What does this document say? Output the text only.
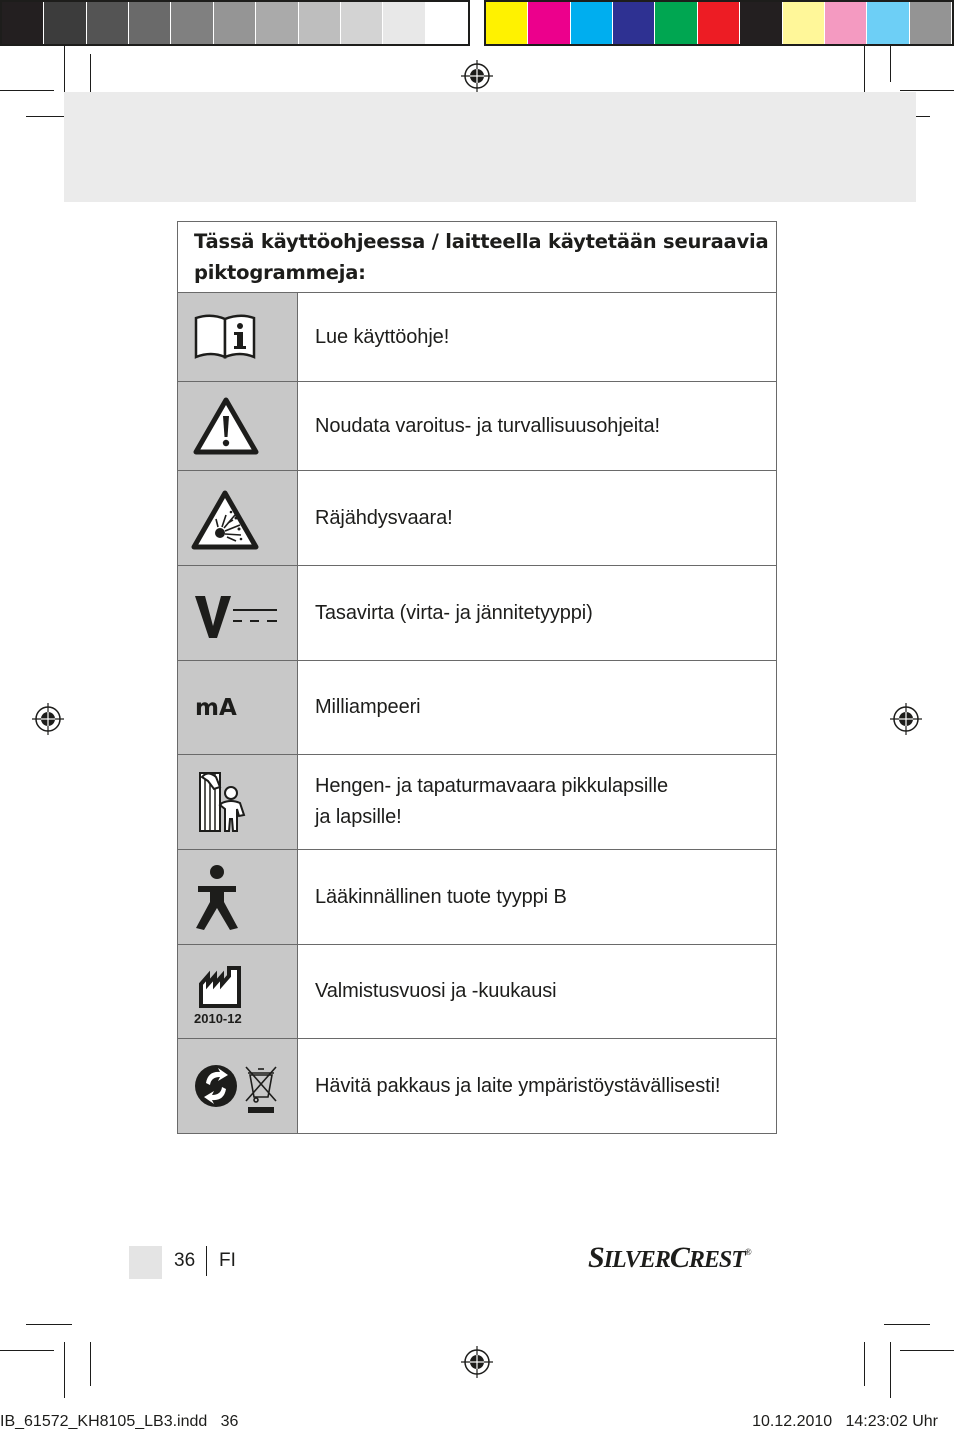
Tässä käyttöohjeessa / laitteella käytetään seuraavia piktogrammeja:	

	Lue käyttöohje!

	Noudata varoitus- ja turvallisuusohjeita!

	Räjähdysvaara!

	Tasavirta (virta- ja jännitetyyppi)

mA	Milliampeeri

	Hengen- ja tapaturmavaara pikkulapsille ja lapsille!

	Lääkinnällinen tuote tyyppi B

2010-12	Valmistusvuosi ja -kuukausi

	Hävitä pakkaus ja laite ympäristöystävällisesti!
36 FI	SILVERCREST®
IB_61572_KH8105_LB3.indd   36	10.12.2010   14:23:02 Uhr
